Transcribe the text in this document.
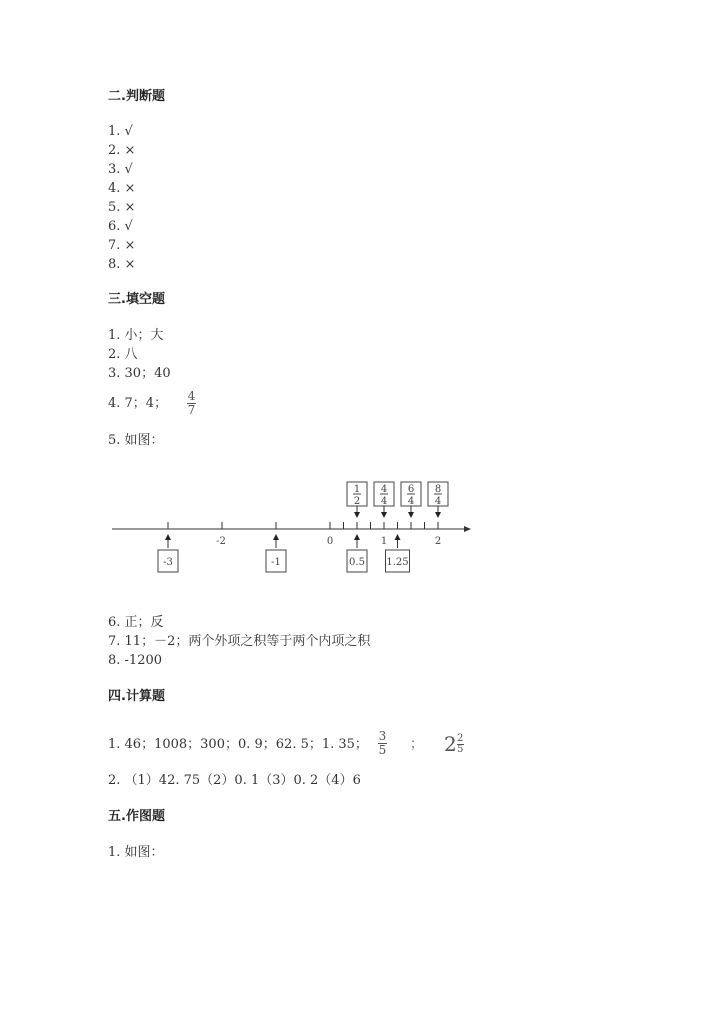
二.判断题
1. √
2. ×
3. √
4. ×
5. ×
6. √
7. ×
8. ×
三.填空题
1. 小；大
2. 八
3. 30；40
4. 7；4； 4
7
5. 如图：
-2	0	1	2
1
2
4
4
6
4
8
4
-3	-1	0.5 1.25
6. 正；反
7. 11；－2；两个外项之积等于两个内项之积
8. -1200
四.计算题
1. 46；1008；300；0. 9；62. 5；1. 35；
3
5 ； $2 \frac{2}{5}$
2. （1）42. 75（2）0. 1（3）0. 2（4）6
五.作图题
1. 如图：
